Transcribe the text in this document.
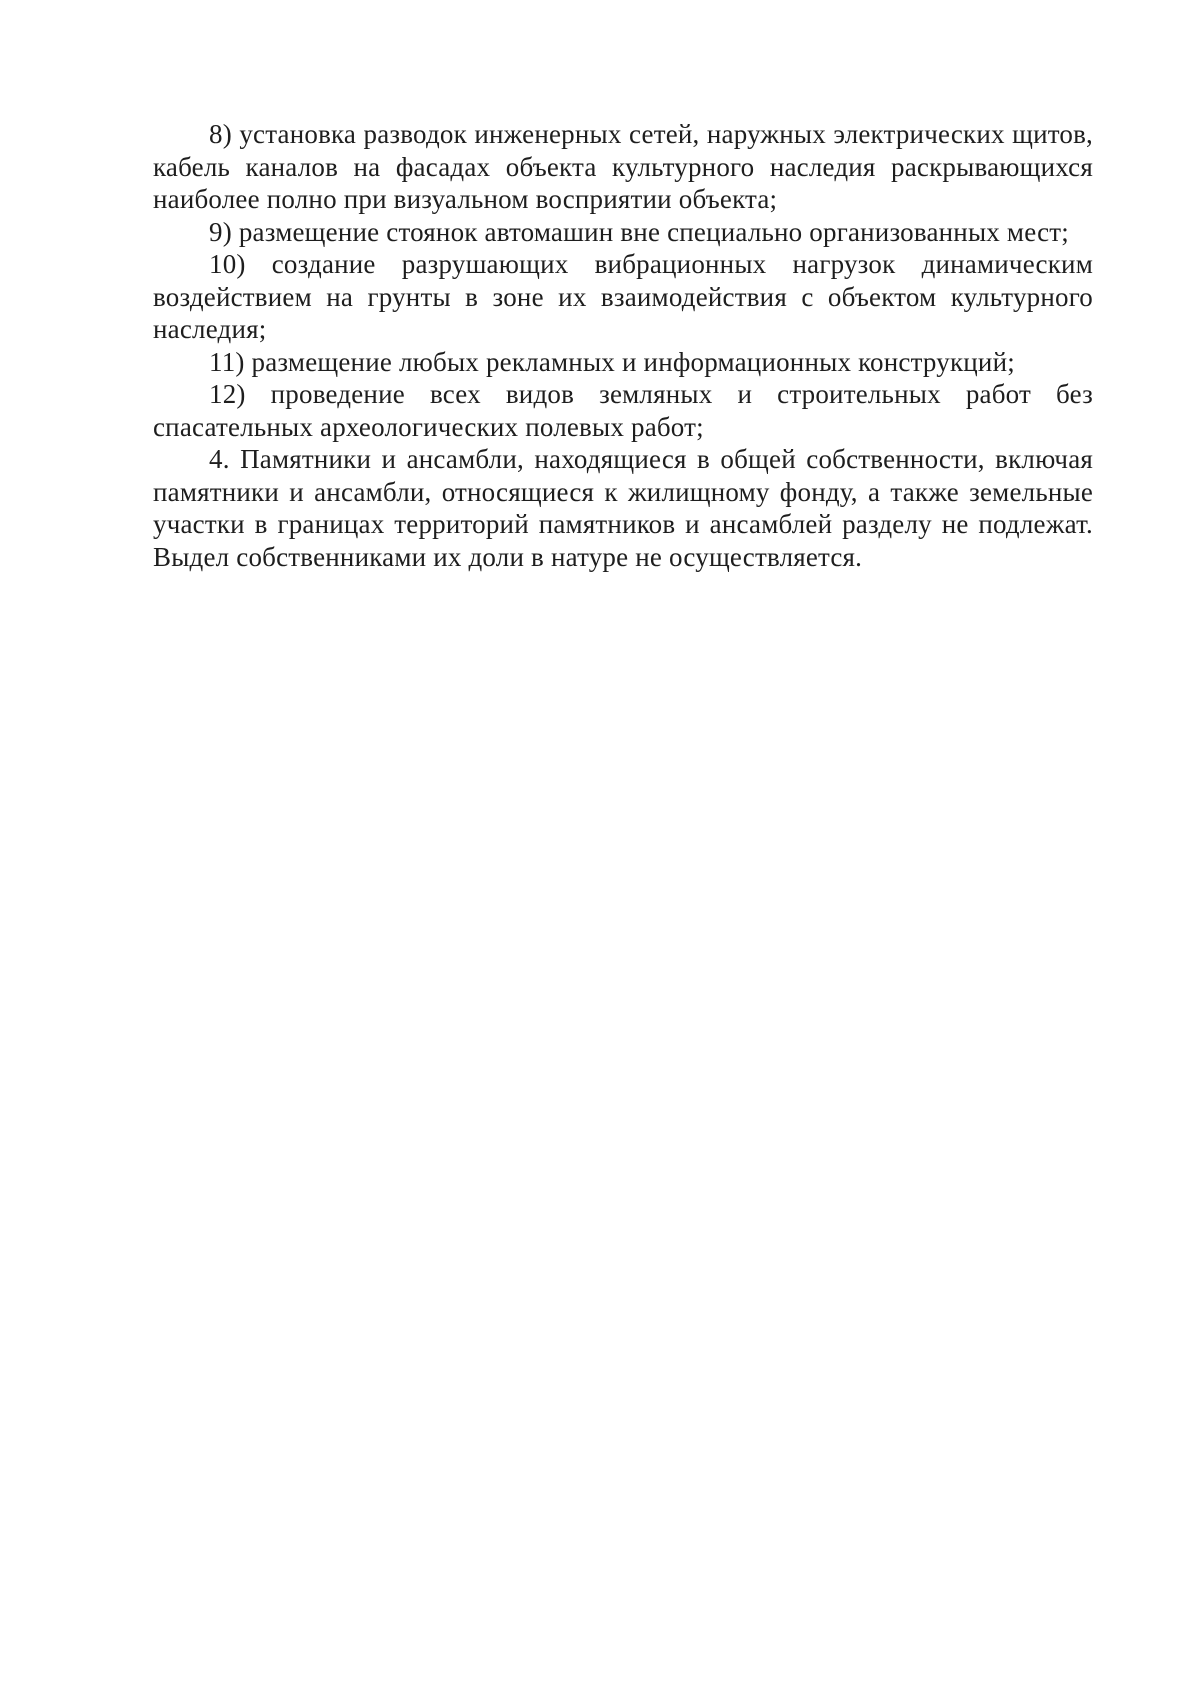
8) установка разводок инженерных сетей, наружных электрических щитов, кабель каналов на фасадах объекта культурного наследия раскрывающихся наиболее полно при визуальном восприятии объекта;

9) размещение стоянок автомашин вне специально организованных мест;

10) создание разрушающих вибрационных нагрузок динамическим воздействием на грунты в зоне их взаимодействия с объектом культурного наследия;

11) размещение любых рекламных и информационных конструкций;

12) проведение всех видов земляных и строительных работ без спасательных археологических полевых работ;

4. Памятники и ансамбли, находящиеся в общей собственности, включая памятники и ансамбли, относящиеся к жилищному фонду, а также земельные участки в границах территорий памятников и ансамблей разделу не подлежат. Выдел собственниками их доли в натуре не осуществляется.
